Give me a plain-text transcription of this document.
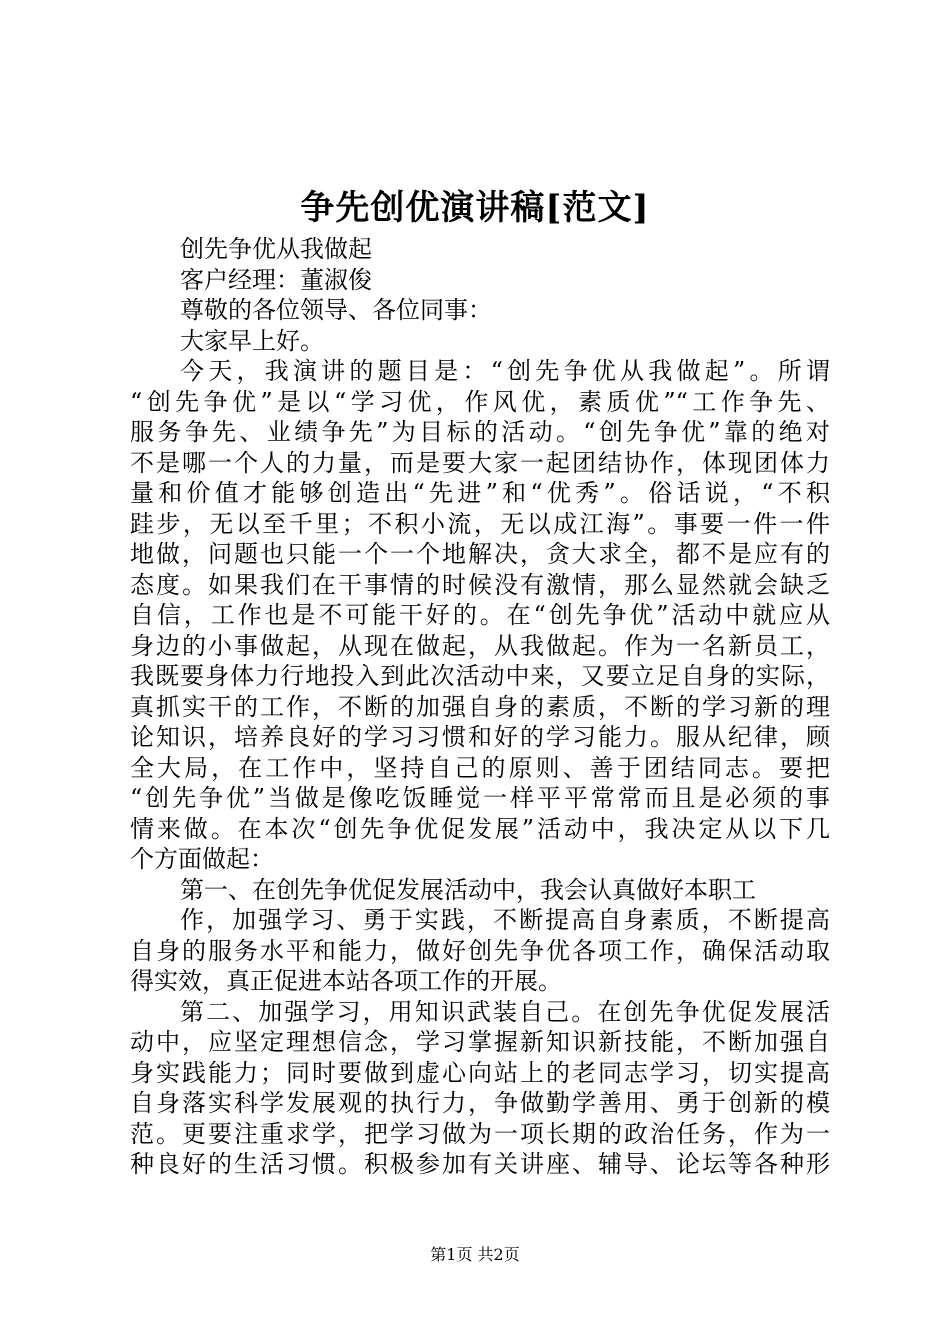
争先创优演讲稿[范文]
创先争优从我做起
客户经理：董淑俊
尊敬的各位领导、各位同事：
大家早上好。
今天，我演讲的题目是：“创先争优从我做起”。所谓
“创先争优”是以“学习优，作风优，素质优”“工作争先、
服务争先、业绩争先”为目标的活动。“创先争优”靠的绝对
不是哪一个人的力量，而是要大家一起团结协作，体现团体力
量和价值才能够创造出“先进”和“优秀”。俗话说，“不积
跬步，无以至千里；不积小流，无以成江海”。事要一件一件
地做，问题也只能一个一个地解决，贪大求全，都不是应有的
态度。如果我们在干事情的时候没有激情，那么显然就会缺乏
自信，工作也是不可能干好的。在“创先争优”活动中就应从
身边的小事做起，从现在做起，从我做起。作为一名新员工，
我既要身体力行地投入到此次活动中来，又要立足自身的实际，
真抓实干的工作，不断的加强自身的素质，不断的学习新的理
论知识，培养良好的学习习惯和好的学习能力。服从纪律，顾
全大局，在工作中，坚持自己的原则、善于团结同志。要把
“创先争优”当做是像吃饭睡觉一样平平常常而且是必须的事
情来做。在本次“创先争优促发展”活动中，我决定从以下几
个方面做起：
第一、在创先争优促发展活动中，我会认真做好本职工
作，加强学习、勇于实践，不断提高自身素质，不断提高
自身的服务水平和能力，做好创先争优各项工作，确保活动取
得实效，真正促进本站各项工作的开展。
第二、加强学习，用知识武装自己。在创先争优促发展活
动中，应坚定理想信念，学习掌握新知识新技能，不断加强自
身实践能力；同时要做到虚心向站上的老同志学习，切实提高
自身落实科学发展观的执行力，争做勤学善用、勇于创新的模
范。更要注重求学，把学习做为一项长期的政治任务，作为一
种良好的生活习惯。积极参加有关讲座、辅导、论坛等各种形
第1页 共2页
